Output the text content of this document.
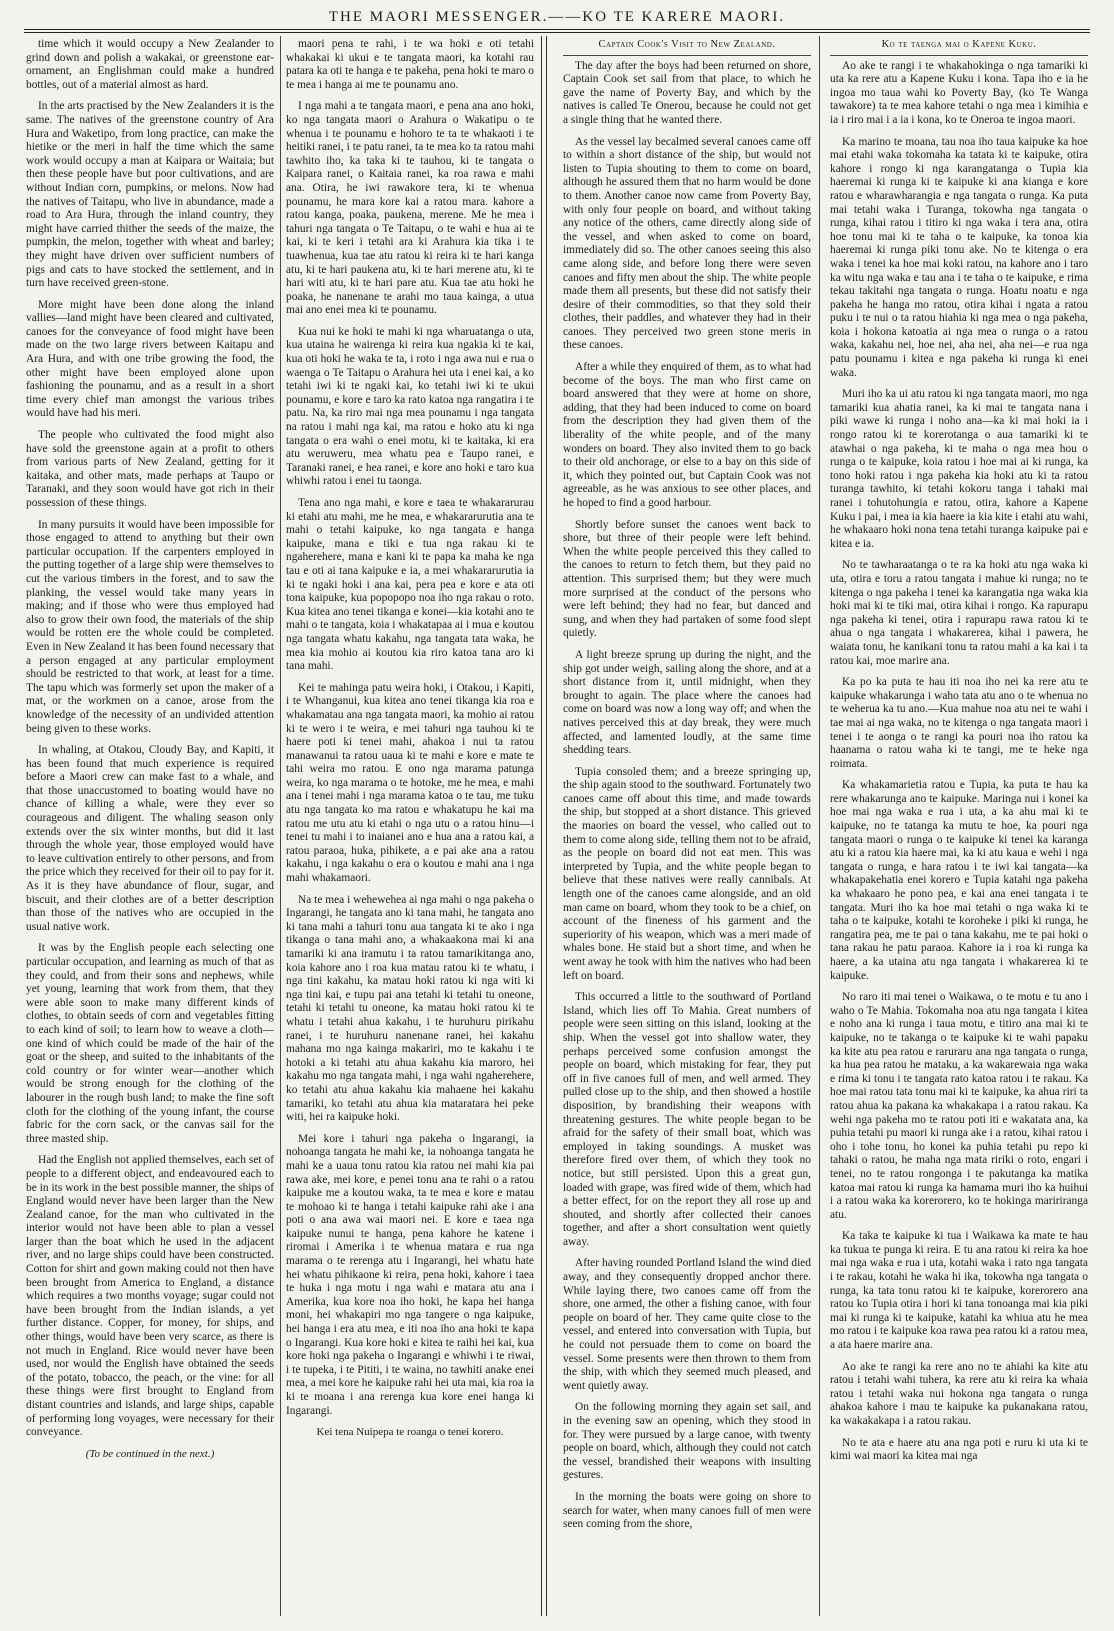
THE MAORI MESSENGER.——KO TE KARERE MAORI.

time which it would occupy a New Zealander to grind down and polish a wakakai, or greenstone ear-ornament, an Englishman could make a hundred bottles, out of a material almost as hard.

In the arts practised by the New Zealanders it is the same. The natives of the greenstone country of Ara Hura and Waketipo, from long practice, can make the hietike or the meri in half the time which the same work would occupy a man at Kaipara or Waitaia; but then these people have but poor cultivations, and are without Indian corn, pumpkins, or melons. Now had the natives of Taitapu, who live in abundance, made a road to Ara Hura, through the inland country, they might have carried thither the seeds of the maize, the pumpkin, the melon, together with wheat and barley; they might have driven over sufficient numbers of pigs and cats to have stocked the settlement, and in turn have received green-stone.

More might have been done along the inland vallies—land might have been cleared and cultivated, canoes for the conveyance of food might have been made on the two large rivers between Kaitapu and Ara Hura, and with one tribe growing the food, the other might have been employed alone upon fashioning the pounamu, and as a result in a short time every chief man amongst the various tribes would have had his meri.

The people who cultivated the food might also have sold the greenstone again at a profit to others from various parts of New Zealand, getting for it kaitaka, and other mats, made perhaps at Taupo or Taranaki, and they soon would have got rich in their possession of these things.

In many pursuits it would have been impossible for those engaged to attend to anything but their own particular occupation. If the carpenters employed in the putting together of a large ship were themselves to cut the various timbers in the forest, and to saw the planking, the vessel would take many years in making; and if those who were thus employed had also to grow their own food, the materials of the ship would be rotten ere the whole could be completed. Even in New Zealand it has been found necessary that a person engaged at any particular employment should be restricted to that work, at least for a time. The tapu which was formerly set upon the maker of a mat, or the workmen on a canoe, arose from the knowledge of the necessity of an undivided attention being given to these works.

In whaling, at Otakou, Cloudy Bay, and Kapiti, it has been found that much experience is required before a Maori crew can make fast to a whale, and that those unaccustomed to boating would have no chance of killing a whale, were they ever so courageous and diligent. The whaling season only extends over the six winter months, but did it last through the whole year, those employed would have to leave cultivation entirely to other persons, and from the price which they received for their oil to pay for it. As it is they have abundance of flour, sugar, and biscuit, and their clothes are of a better description than those of the natives who are occupied in the usual native work.

It was by the English people each selecting one particular occupation, and learning as much of that as they could, and from their sons and nephews, while yet young, learning that work from them, that they were able soon to make many different kinds of clothes, to obtain seeds of corn and vegetables fitting to each kind of soil; to learn how to weave a cloth—one kind of which could be made of the hair of the goat or the sheep, and suited to the inhabitants of the cold country or for winter wear—another which would be strong enough for the clothing of the labourer in the rough bush land; to make the fine soft cloth for the clothing of the young infant, the course fabric for the corn sack, or the canvas sail for the three masted ship.

Had the English not applied themselves, each set of people to a different object, and endeavoured each to be in its work in the best possible manner, the ships of England would never have been larger than the New Zealand canoe, for the man who cultivated in the interior would not have been able to plan a vessel larger than the boat which he used in the adjacent river, and no large ships could have been constructed. Cotton for shirt and gown making could not then have been brought from America to England, a distance which requires a two months voyage; sugar could not have been brought from the Indian islands, a yet further distance. Copper, for money, for ships, and other things, would have been very scarce, as there is not much in England. Rice would never have been used, nor would the English have obtained the seeds of the potato, tobacco, the peach, or the vine: for all these things were first brought to England from distant countries and islands, and large ships, capable of performing long voyages, were necessary for their conveyance.

(To be continued in the next.)

maori pena te rahi, i te wa hoki e oti tetahi whakakai ki ukui e te tangata maori, ka kotahi rau patara ka oti te hanga e te pakeha, pena hoki te maro o te mea i hanga ai me te pounamu ano.

I nga mahi a te tangata maori, e pena ana ano hoki, ko nga tangata maori o Arahura o Wakatipu o te whenua i te pounamu e hohoro te ta te whakaoti i te heitiki ranei, i te patu ranei, ta te mea ko ta ratou mahi tawhito iho, ka taka ki te tauhou, ki te tangata o Kaipara ranei, o Kaitaia ranei, ka roa rawa e mahi ana. Otira, he iwi rawakore tera, ki te whenua pounamu, he mara kore kai a ratou mara. kahore a ratou kanga, poaka, paukena, merene. Me he mea i tahuri nga tangata o Te Taitapu, o te wahi e hua ai te kai, ki te keri i tetahi ara ki Arahura kia tika i te tuawhenua, kua tae atu ratou ki reira ki te hari kanga atu, ki te hari paukena atu, ki te hari merene atu, ki te hari witi atu, ki te hari pare atu. Kua tae atu hoki he poaka, he nanenane te arahi mo taua kainga, a utua mai ano enei mea ki te pounamu.

Kua nui ke hoki te mahi ki nga wharuatanga o uta, kua utaina he wairenga ki reira kua ngakia ki te kai, kua oti hoki he waka te ta, i roto i nga awa nui e rua o waenga o Te Taitapu o Arahura hei uta i enei kai, a ko tetahi iwi ki te ngaki kai, ko tetahi iwi ki te ukui pounamu, e kore e taro ka rato katoa nga rangatira i te patu. Na, ka riro mai nga mea pounamu i nga tangata na ratou i mahi nga kai, ma ratou e hoko atu ki nga tangata o era wahi o enei motu, ki te kaitaka, ki era atu weruweru, mea whatu pea e Taupo ranei, e Taranaki ranei, e hea ranei, e kore ano hoki e taro kua whiwhi ratou i enei tu taonga.

Tena ano nga mahi, e kore e taea te whakararurau ki etahi atu mahi, me he mea, e whakararurutia ana te mahi o tetahi kaipuke, ko nga tangata e hanga kaipuke, mana e tiki e tua nga rakau ki te ngaherehere, mana e kani ki te papa ka maha ke nga tau e oti ai tana kaipuke e ia, a mei whakararurutia ia ki te ngaki hoki i ana kai, pera pea e kore e ata oti tona kaipuke, kua popopopo noa iho nga rakau o roto. Kua kitea ano tenei tikanga e konei—kia kotahi ano te mahi o te tangata, koia i whakatapaa ai i mua e koutou nga tangata whatu kakahu, nga tangata tata waka, he mea kia mohio ai koutou kia riro katoa tana aro ki tana mahi.

Kei te mahinga patu weira hoki, i Otakou, i Kapiti, i te Whanganui, kua kitea ano tenei tikanga kia roa e whakamatau ana nga tangata maori, ka mohio ai ratou ki te wero i te weira, e mei tahuri nga tauhou ki te haere poti ki tenei mahi, ahakoa i nui ta ratou manawanui ta ratou uaua ki te mahi e kore e mate te tahi weira mo ratou. E ono nga marama patunga weira, ko nga marama o te hotoke, me he mea, e mahi ana i tenei mahi i nga marama katoa o te tau, me tuku atu nga tangata ko ma ratou e whakatupu he kai ma ratou me utu atu ki etahi o nga utu o a ratou hinu—i tenei tu mahi i to inaianei ano e hua ana a ratou kai, a ratou paraoa, huka, pihikete, a e pai ake ana a ratou kakahu, i nga kakahu o era o koutou e mahi ana i nga mahi whakamaori.

Na te mea i wehewehea ai nga mahi o nga pakeha o Ingarangi, he tangata ano ki tana mahi, he tangata ano ki tana mahi a tahuri tonu aua tangata ki te ako i nga tikanga o tana mahi ano, a whakaakona mai ki ana tamariki ki ana iramutu i ta ratou tamarikitanga ano, koia kahore ano i roa kua matau ratou ki te whatu, i nga tini kakahu, ka matau hoki ratou ki nga witi ki nga tini kai, e tupu pai ana tetahi ki tetahi tu oneone, tetahi ki tetahi tu oneone, ka matau hoki ratou ki te whatu i tetahi ahua kakahu, i te huruhuru pirikahu ranei, i te huruhuru nanenane ranei, hei kakahu mahana mo nga kainga makariri, mo te kakahu i te hotoki a ki tetahi atu ahua kakahu kia maroro, hei kakahu mo nga tangata mahi, i nga wahi ngaherehere, ko tetahi atu ahua kakahu kia mahaene hei kakahu tamariki, ko tetahi atu ahua kia mataratara hei peke witi, hei ra kaipuke hoki.

Mei kore i tahuri nga pakeha o Ingarangi, ia nohoanga tangata he mahi ke, ia nohoanga tangata he mahi ke a uaua tonu ratou kia ratou nei mahi kia pai rawa ake, mei kore, e penei tonu ana te rahi o a ratou kaipuke me a koutou waka, ta te mea e kore e matau te mohoao ki te hanga i tetahi kaipuke rahi ake i ana poti o ana awa wai maori nei. E kore e taea nga kaipuke nunui te hanga, pena kahore he katene i riromai i Amerika i te whenua matara e rua nga marama o te rerenga atu i Ingarangi, hei whatu hate hei whatu pihikaone ki reira, pena hoki, kahore i taea te huka i nga motu i nga wahi e matara atu ana i Amerika, kua kore noa iho hoki, he kapa hei hanga moni, hei whakapiri mo nga tangere o nga kaipuke, hei hanga i era atu mea, e iti noa iho ana hoki te kapa o Ingarangi. Kua kore hoki e kitea te raihi hei kai, kua kore hoki nga pakeha o Ingarangi e whiwhi i te riwai, i te tupeka, i te Pititi, i te waina, no tawhiti anake enei mea, a mei kore he kaipuke rahi hei uta mai, kia roa ia ki te moana i ana rerenga kua kore enei hanga ki Ingarangi.

Kei tena Nuipepa te roanga o tenei korero.

Captain Cook's Visit to New Zealand.

The day after the boys had been returned on shore, Captain Cook set sail from that place, to which he gave the name of Poverty Bay, and which by the natives is called Te Onerou, because he could not get a single thing that he wanted there.

As the vessel lay becalmed several canoes came off to within a short distance of the ship, but would not listen to Tupia shouting to them to come on board, although he assured them that no harm would be done to them. Another canoe now came from Poverty Bay, with only four people on board, and without taking any notice of the others, came directly along side of the vessel, and when asked to come on board, immediately did so. The other canoes seeing this also came along side, and before long there were seven canoes and fifty men about the ship. The white people made them all presents, but these did not satisfy their desire of their commodities, so that they sold their clothes, their paddles, and whatever they had in their canoes. They perceived two green stone meris in these canoes.

After a while they enquired of them, as to what had become of the boys. The man who first came on board answered that they were at home on shore, adding, that they had been induced to come on board from the description they had given them of the liberality of the white people, and of the many wonders on board. They also invited them to go back to their old anchorage, or else to a bay on this side of it, which they pointed out, but Captain Cook was not agreeable, as he was anxious to see other places, and he hoped to find a good harbour.

Shortly before sunset the canoes went back to shore, but three of their people were left behind. When the white people perceived this they called to the canoes to return to fetch them, but they paid no attention. This surprised them; but they were much more surprised at the conduct of the persons who were left behind; they had no fear, but danced and sung, and when they had partaken of some food slept quietly.

A light breeze sprung up during the night, and the ship got under weigh, sailing along the shore, and at a short distance from it, until midnight, when they brought to again. The place where the canoes had come on board was now a long way off; and when the natives perceived this at day break, they were much affected, and lamented loudly, at the same time shedding tears.

Tupia consoled them; and a breeze springing up, the ship again stood to the southward. Fortunately two canoes came off about this time, and made towards the ship, but stopped at a short distance. This grieved the maories on board the vessel, who called out to them to come along side, telling them not to be afraid, as the people on board did not eat men. This was interpreted by Tupia, and the white people began to believe that these natives were really cannibals. At length one of the canoes came alongside, and an old man came on board, whom they took to be a chief, on account of the fineness of his garment and the superiority of his weapon, which was a meri made of whales bone. He staid but a short time, and when he went away he took with him the natives who had been left on board.

This occurred a little to the southward of Portland Island, which lies off To Mahia. Great numbers of people were seen sitting on this island, looking at the ship. When the vessel got into shallow water, they perhaps perceived some confusion amongst the people on board, which mistaking for fear, they put off in five canoes full of men, and well armed. They pulled close up to the ship, and then showed a hostile disposition, by brandishing their weapons with threatening gestures. The white people began to be afraid for the safety of their small boat, which was employed in taking soundings. A musket was therefore fired over them, of which they took no notice, but still persisted. Upon this a great gun, loaded with grape, was fired wide of them, which had a better effect, for on the report they all rose up and shouted, and shortly after collected their canoes together, and after a short consultation went quietly away.

After having rounded Portland Island the wind died away, and they consequently dropped anchor there. While laying there, two canoes came off from the shore, one armed, the other a fishing canoe, with four people on board of her. They came quite close to the vessel, and entered into conversation with Tupia, but he could not persuade them to come on board the vessel. Some presents were then thrown to them from the ship, with which they seemed much pleased, and went quietly away.

On the following morning they again set sail, and in the evening saw an opening, which they stood in for. They were pursued by a large canoe, with twenty people on board, which, although they could not catch the vessel, brandished their weapons with insulting gestures.

In the morning the boats were going on shore to search for water, when many canoes full of men were seen coming from the shore,

Ko te taenga mai o Kapene Kuku.

Ao ake te rangi i te whakahokinga o nga tamariki ki uta ka rere atu a Kapene Kuku i kona. Tapa iho e ia he ingoa mo taua wahi ko Poverty Bay, (ko Te Wanga tawakore) ta te mea kahore tetahi o nga mea i kimihia e ia i riro mai i a ia i kona, ko te Oneroa te ingoa maori.

Ka marino te moana, tau noa iho taua kaipuke ka hoe mai etahi waka tokomaha ka tatata ki te kaipuke, otira kahore i rongo ki nga karangatanga o Tupia kia haeremai ki runga ki te kaipuke ki ana kianga e kore ratou e wharawharangia e nga tangata o runga. Ka puta mai tetahi waka i Turanga, tokowha nga tangata o runga, kihai ratou i titiro ki nga waka i tera ana, otira hoe tonu mai ki te taha o te kaipuke, ka tonoa kia haeremai ki runga piki tonu ake. No te kitenga o era waka i tenei ka hoe mai koki ratou, na kahore ano i taro ka witu nga waka e tau ana i te taha o te kaipuke, e rima tekau takitahi nga tangata o runga. Hoatu noatu e nga pakeha he hanga mo ratou, otira kihai i ngata a ratou puku i te nui o ta ratou hiahia ki nga mea o nga pakeha, koia i hokona katoatia ai nga mea o runga o a ratou waka, kakahu nei, hoe nei, aha nei, aha nei—e rua nga patu pounamu i kitea e nga pakeha ki runga ki enei waka.

Muri iho ka ui atu ratou ki nga tangata maori, mo nga tamariki kua ahatia ranei, ka ki mai te tangata nana i piki wawe ki runga i noho ana—ka ki mai hoki ia i rongo ratou ki te korerotanga o aua tamariki ki te atawhai o nga pakeha, ki te maha o nga mea hou o runga o te kaipuke, koia ratou i hoe mai ai ki runga, ka tono hoki ratou i nga pakeha kia hoki atu ki ta ratou turanga tawhito, ki tetahi kokoru tanga i tahaki mai ranei i tohutohungia e ratou, otira, kahore a Kapene Kuku i pai, i mea ia kia haere ia kia kite i etahi atu wahi, he whakaaro hoki nona tena tetahi turanga kaipuke pai e kitea e ia.

No te tawharaatanga o te ra ka hoki atu nga waka ki uta, otira e toru a ratou tangata i mahue ki runga; no te kitenga o nga pakeha i tenei ka karangatia nga waka kia hoki mai ki te tiki mai, otira kihai i rongo. Ka rapurapu nga pakeha ki tenei, otira i rapurapu rawa ratou ki te ahua o nga tangata i whakarerea, kihai i pawera, he waiata tonu, he kanikani tonu ta ratou mahi a ka kai i ta ratou kai, moe marire ana.

Ka po ka puta te hau iti noa iho nei ka rere atu te kaipuke whakarunga i waho tata atu ano o te whenua no te weherua ka tu ano.—Kua mahue noa atu nei te wahi i tae mai ai nga waka, no te kitenga o nga tangata maori i tenei i te aonga o te rangi ka pouri noa iho ratou ka haanama o ratou waha ki te tangi, me te heke nga roimata.

Ka whakamarietia ratou e Tupia, ka puta te hau ka rere whakarunga ano te kaipuke. Maringa nui i konei ka hoe mai nga waka e rua i uta, a ka ahu mai ki te kaipuke, no te tatanga ka mutu te hoe, ka pouri nga tangata maori o runga o te kaipuke ki tenei ka karanga atu ki a ratou kia haere mai, ka ki atu kaua e wehi i nga tangata o runga, e hara ratou i te iwi kai tangata—ka whakapakehatia enei korero e Tupia katahi nga pakeha ka whakaaro he pono pea, e kai ana enei tangata i te tangata. Muri iho ka hoe mai tetahi o nga waka ki te taha o te kaipuke, kotahi te koroheke i piki ki runga, he rangatira pea, me te pai o tana kakahu, me te pai hoki o tana rakau he patu paraoa. Kahore ia i roa ki runga ka haere, a ka utaina atu nga tangata i whakarerea ki te kaipuke.

No raro iti mai tenei o Waikawa, o te motu e tu ano i waho o Te Mahia. Tokomaha noa atu nga tangata i kitea e noho ana ki runga i taua motu, e titiro ana mai ki te kaipuke, no te takanga o te kaipuke ki te wahi papaku ka kite atu pea ratou e raruraru ana nga tangata o runga, ka hua pea ratou he mataku, a ka wakarewaia nga waka e rima ki tonu i te tangata rato katoa ratou i te rakau. Ka hoe mai ratou tata tonu mai ki te kaipuke, ka ahua riri ta ratou ahua ka pakana ka whakakapa i a ratou rakau. Ka wehi nga pakeha mo te ratou poti iti e wakatata ana, ka puhia tetahi pu maori ki runga ake i a ratou, kihai ratou i oho i tohe tonu, ho konei ka puhia tetahi pu repo ki tahaki o ratou, he maha nga mata ririki o roto, engari i tenei, no te ratou rongonga i te pakutanga ka matika katoa mai ratou ki runga ka hamama muri iho ka huihui i a ratou waka ka korerorero, ko te hokinga maririranga atu.

Ka taka te kaipuke ki tua i Waikawa ka mate te hau ka tukua te punga ki reira. E tu ana ratou ki reira ka hoe mai nga waka e rua i uta, kotahi waka i rato nga tangata i te rakau, kotahi he waka hi ika, tokowha nga tangata o runga, ka tata tonu ratou ki te kaipuke, korerorero ana ratou ko Tupia otira i hori ki tana tonoanga mai kia piki mai ki runga ki te kaipuke, katahi ka whiua atu he mea mo ratou i te kaipuke koa rawa pea ratou ki a ratou mea, a ata haere marire ana.

Ao ake te rangi ka rere ano no te ahiahi ka kite atu ratou i tetahi wahi tuhera, ka rere atu ki reira ka whaia ratou i tetahi waka nui hokona nga tangata o runga ahakoa kahore i mau te kaipuke ka pukanakana ratou, ka wakakakapa i a ratou rakau.

No te ata e haere atu ana nga poti e ruru ki uta ki te kimi wai maori ka kitea mai nga
